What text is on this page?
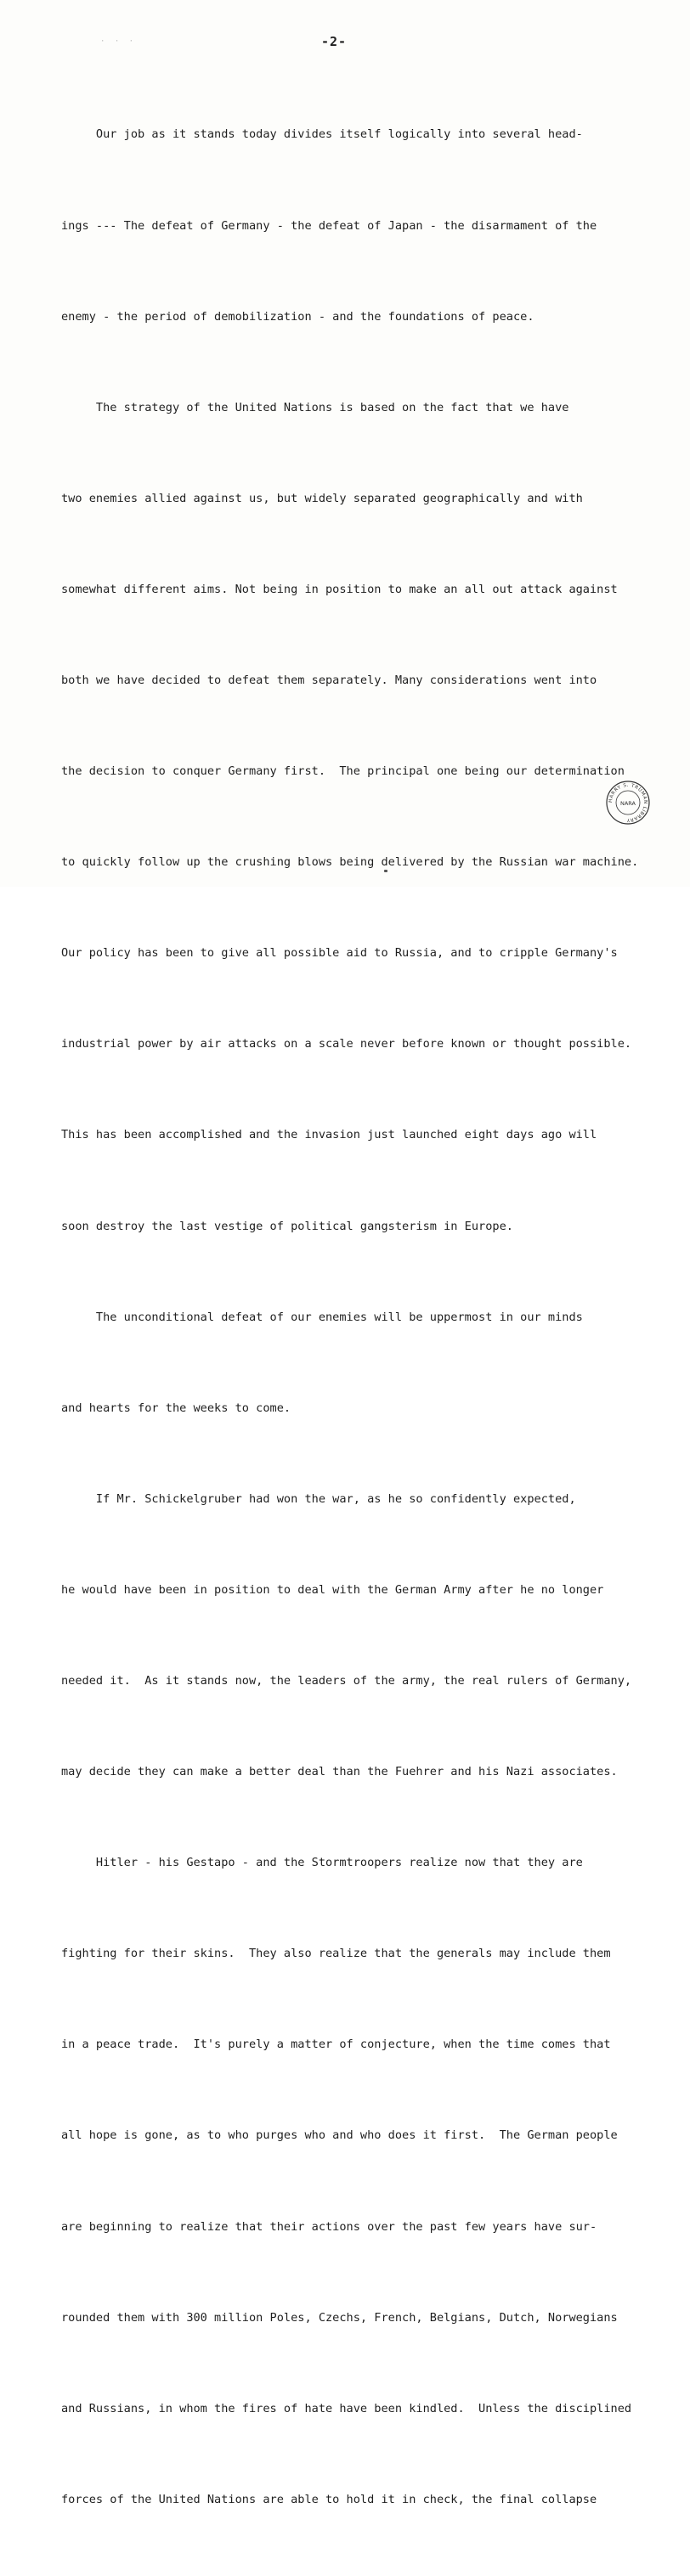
· · ·	-2-

Our job as it stands today divides itself logically into several head-

ings --- The defeat of Germany - the defeat of Japan - the disarmament of the

enemy - the period of demobilization - and the foundations of peace.

The strategy of the United Nations is based on the fact that we have

two enemies allied against us, but widely separated geographically and with

somewhat different aims. Not being in position to make an all out attack against

both we have decided to defeat them separately. Many considerations went into

the decision to conquer Germany first.  The principal one being our determination

to quickly follow up the crushing blows being delivered by the Russian war machine.

Our policy has been to give all possible aid to Russia, and to cripple Germany's

industrial power by air attacks on a scale never before known or thought possible.

This has been accomplished and the invasion just launched eight days ago will

soon destroy the last vestige of political gangsterism in Europe.

The unconditional defeat of our enemies will be uppermost in our minds

and hearts for the weeks to come.

If Mr. Schickelgruber had won the war, as he so confidently expected,

he would have been in position to deal with the German Army after he no longer

needed it.  As it stands now, the leaders of the army, the real rulers of Germany,

may decide they can make a better deal than the Fuehrer and his Nazi associates.

Hitler - his Gestapo - and the Stormtroopers realize now that they are

fighting for their skins.  They also realize that the generals may include them

in a peace trade.  It's purely a matter of conjecture, when the time comes that

all hope is gone, as to who purges who and who does it first.  The German people

are beginning to realize that their actions over the past few years have sur-

rounded them with 300 million Poles, Czechs, French, Belgians, Dutch, Norwegians

and Russians, in whom the fires of hate have been kindled.  Unless the disciplined

forces of the United Nations are able to hold it in check, the final collapse

HARRY S. TRUMAN LIBRARY
NARA
